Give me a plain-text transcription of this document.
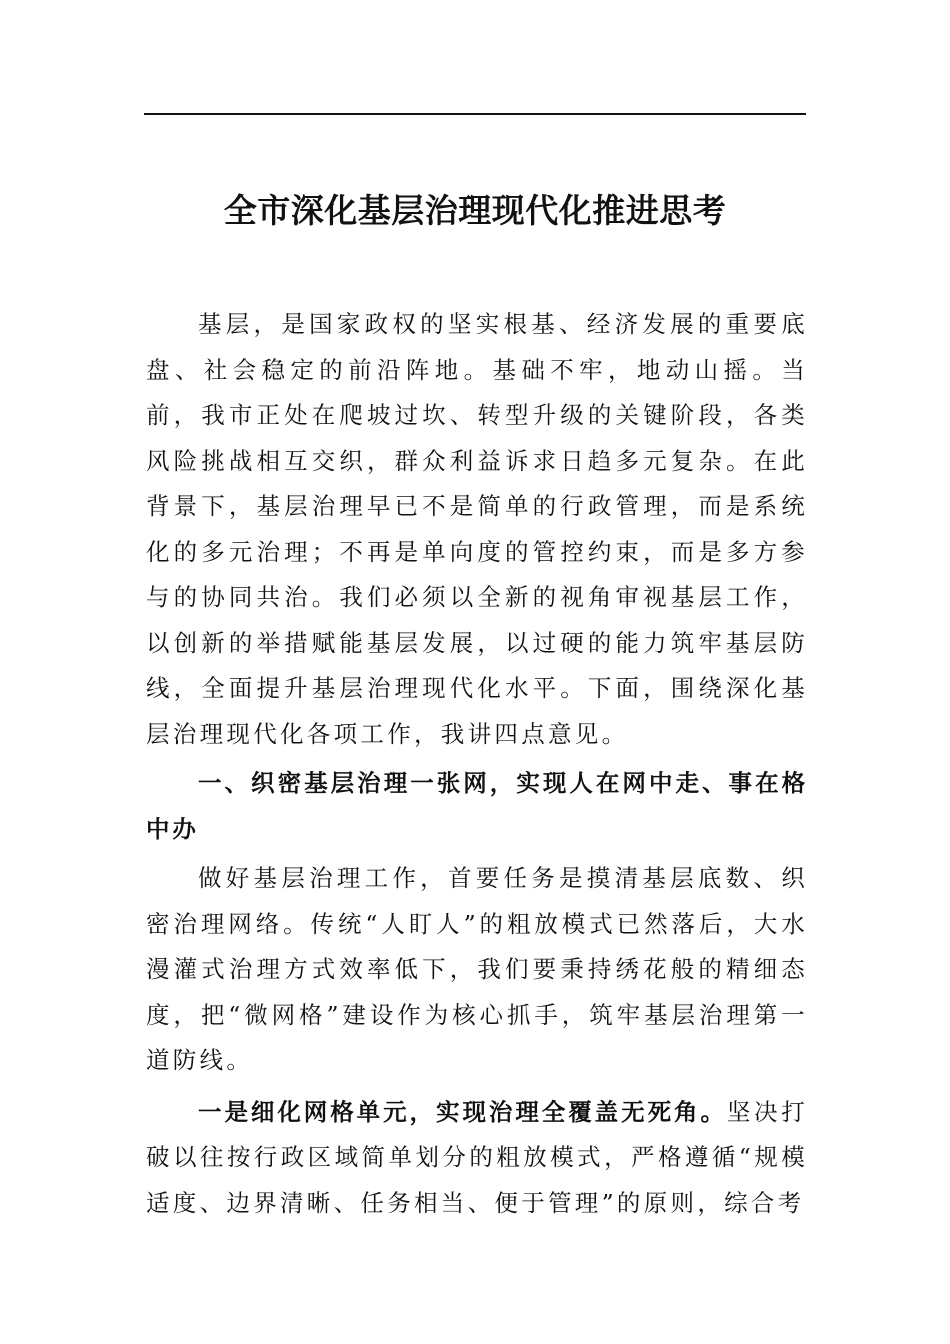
全市深化基层治理现代化推进思考

基层，是国家政权的坚实根基、经济发展的重要底盘、社会稳定的前沿阵地。基础不牢，地动山摇。当前，我市正处在爬坡过坎、转型升级的关键阶段，各类风险挑战相互交织，群众利益诉求日趋多元复杂。在此背景下，基层治理早已不是简单的行政管理，而是系统化的多元治理；不再是单向度的管控约束，而是多方参与的协同共治。我们必须以全新的视角审视基层工作，以创新的举措赋能基层发展，以过硬的能力筑牢基层防线，全面提升基层治理现代化水平。下面，围绕深化基层治理现代化各项工作，我讲四点意见。

一、织密基层治理一张网，实现人在网中走、事在格中办

做好基层治理工作，首要任务是摸清基层底数、织密治理网络。传统“人盯人”的粗放模式已然落后，大水漫灌式治理方式效率低下，我们要秉持绣花般的精细态度，把“微网格”建设作为核心抓手，筑牢基层治理第一道防线。

一是细化网格单元，实现治理全覆盖无死角。坚决打破以往按行政区域简单划分的粗放模式，严格遵循“规模适度、边界清晰、任务相当、便于管理”的原则，综合考
